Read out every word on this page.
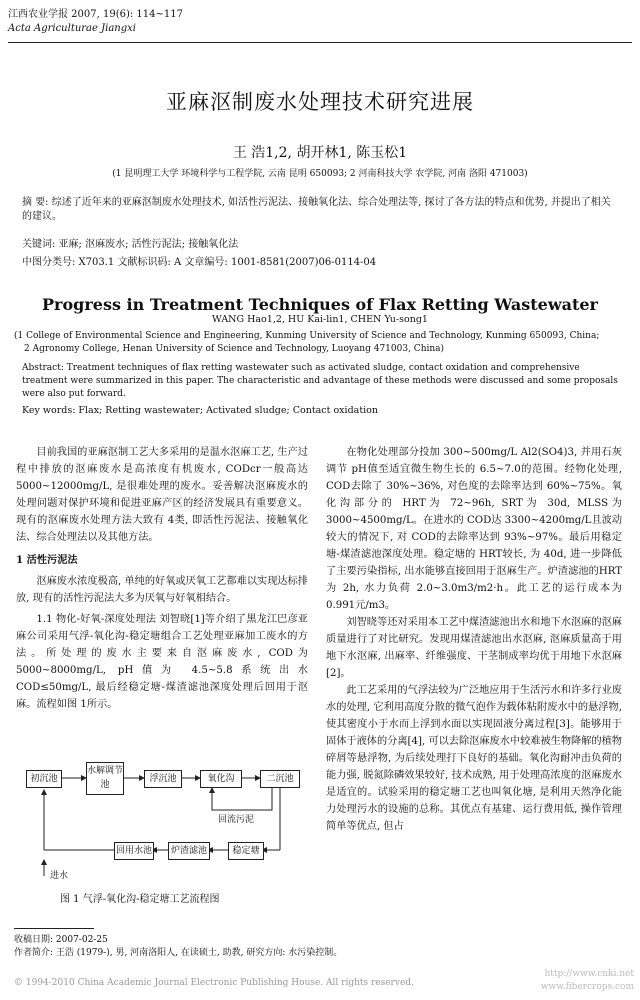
江西农业学报 2007, 19(6): 114~117
Acta Agriculturae Jiangxi
亚麻沤制废水处理技术研究进展
王 浩1,2, 胡开林1, 陈玉松1
(1 昆明理工大学 环境科学与工程学院, 云南 昆明 650093; 2 河南科技大学 农学院, 河南 洛阳 471003)
摘 要: 综述了近年来的亚麻沤制废水处理技术, 如活性污泥法、接触氧化法、综合处理法等, 探讨了各方法的特点和优势, 并提出了相关的建议。
关键词: 亚麻; 沤麻废水; 活性污泥法; 接触氧化法
中图分类号: X703.1 文献标识码: A 文章编号: 1001-8581(2007)06-0114-04
Progress in Treatment Techniques of Flax Retting Wastewater
WANG Hao1,2, HU Kai-lin1, CHEN Yu-song1
(1 College of Environmental Science and Engineering, Kunming University of Science and Technology, Kunming 650093, China;
2 Agronomy College, Henan University of Science and Technology, Luoyang 471003, China)
Abstract: Treatment techniques of flax retting wastewater such as activated sludge, contact oxidation and comprehensive treatment were summarized in this paper. The characteristic and advantage of these methods were discussed and some proposals were also put forward.
Key words: Flax; Retting wastewater; Activated sludge; Contact oxidation

目前我国的亚麻沤制工艺大多采用的是温水沤麻工艺, 生产过程中排放的沤麻废水是高浓度有机废水, CODcr一般高达 5000~12000mg/L, 是很难处理的废水。妥善解决沤麻废水的处理问题对保护环境和促进亚麻产区的经济发展具有重要意义。现有的沤麻废水处理方法大致有 4类, 即活性污泥法、接触氧化法、综合处理法以及其他方法。

1 活性污泥法

沤麻废水浓度极高, 单纯的好氧或厌氧工艺都难以实现达标排放, 现有的活性污泥法大多为厌氧与好氧相结合。

1.1 物化-好氧-深度处理法 刘智晓[1]等介绍了黑龙江巴彦亚麻公司采用气浮-氧化沟-稳定塘组合工艺处理亚麻加工废水的方法。所处理的废水主要来自沤麻废水, COD为 5000~8000mg/L, pH值为 4.5~5.8系统出水 COD≤50mg/L, 最后经稳定塘-煤渣滤池深度处理后回用于沤麻。流程如图 1所示。

初沉池
水解调节池
浮沉池	氧化沟	二沉池
回用水池	炉渣滤池	稳定塘
回流污泥
进水
图 1 气浮-氧化沟-稳定塘工艺流程图

在物化处理部分投加 300~500mg/L Al2(SO4)3, 并用石灰调节 pH值至适宜微生物生长的 6.5~7.0的范围。经物化处理, COD去除了 30%~36%, 对色度的去除率达到 60%~75%。氧化沟部分的 HRT为 72~96h, SRT为 30d, MLSS为 3000~4500mg/L。在进水的 COD达 3300~4200mg/L且波动较大的情况下, 对 COD的去除率达到 93%~97%。最后用稳定塘-煤渣滤池深度处理。稳定塘的 HRT较长, 为 40d, 进一步降低了主要污染指标, 出水能够直接回用于沤麻生产。炉渣滤池的HRT为 2h, 水力负荷 2.0~3.0m3/m2·h。此工艺的运行成本为 0.991元/m3。

刘智晓等还对采用本工艺中煤渣滤池出水和地下水沤麻的沤麻质量进行了对比研究。发现用煤渣滤池出水沤麻, 沤麻质量高于用地下水沤麻, 出麻率、纤维强度、干茎制成率均优于用地下水沤麻[2]。

此工艺采用的气浮法较为广泛地应用于生活污水和许多行业废水的处理, 它利用高度分散的微气泡作为载体粘附废水中的悬浮物, 使其密度小于水而上浮到水面以实现固液分离过程[3]。能够用于固体于液体的分离[4], 可以去除沤麻废水中较难被生物降解的植物碎屑等悬浮物, 为后续处理打下良好的基础。氧化沟耐冲击负荷的能力强, 脱氮除磷效果较好, 技术成熟, 用于处理高浓度的沤麻废水是适宜的。试验采用的稳定塘工艺也叫氧化塘, 是利用天然净化能力处理污水的设施的总称。其优点有基建、运行费用低, 操作管理简单等优点, 但占

收稿日期: 2007-02-25
作者简介: 王浩 (1979-), 男, 河南洛阳人, 在读硕士, 助教, 研究方向: 水污染控制。
© 1994-2010 China Academic Journal Electronic Publishing House. All rights reserved.
http://www.cnki.net
www.fibercrops.com
